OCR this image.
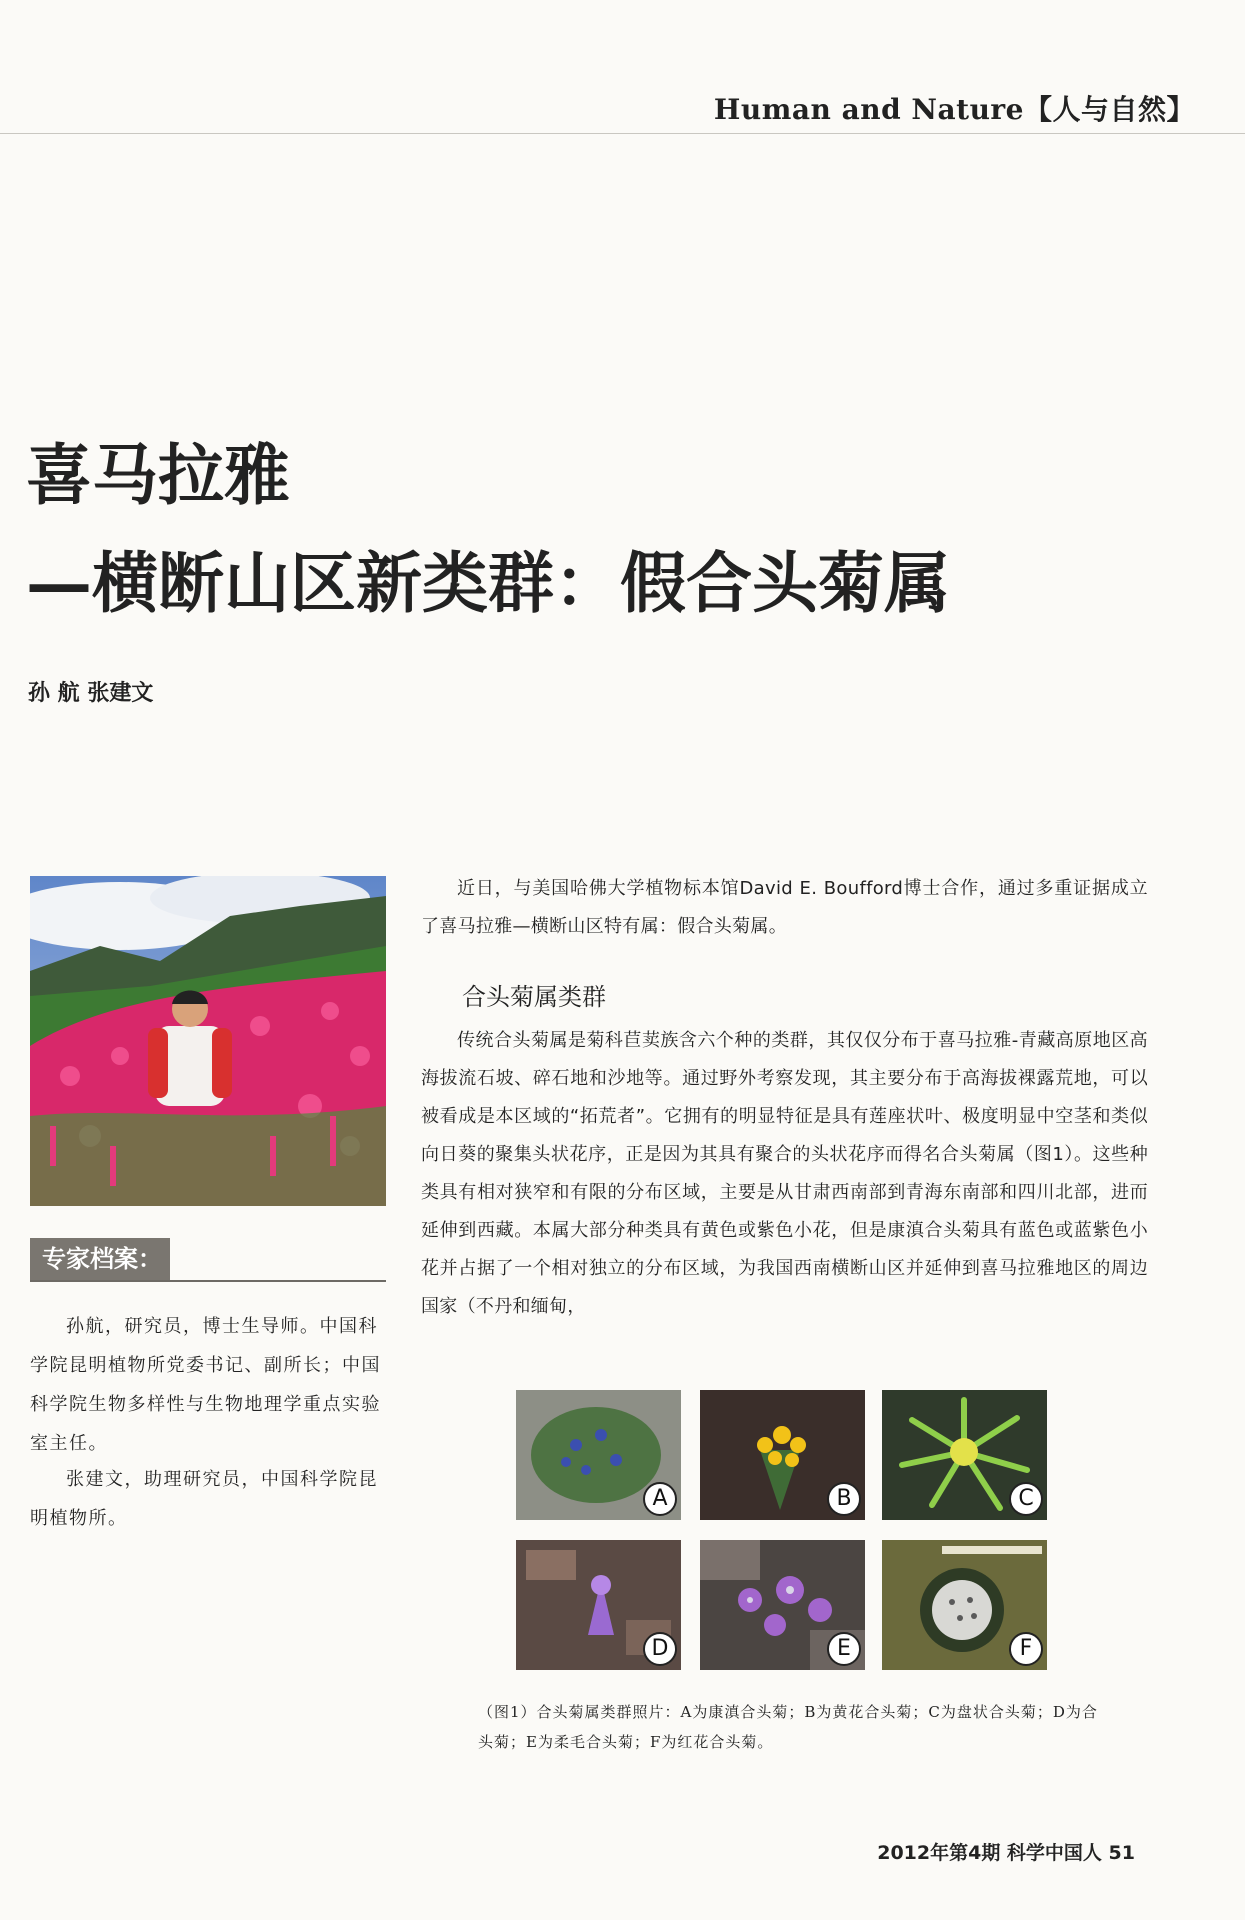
Human and Nature【人与自然】
喜马拉雅
—横断山区新类群：假合头菊属
孙 航 张建文
专家档案：

孙航，研究员，博士生导师。中国科学院昆明植物所党委书记、副所长；中国科学院生物多样性与生物地理学重点实验室主任。

张建文，助理研究员，中国科学院昆明植物所。

近日，与美国哈佛大学植物标本馆David E. Boufford博士合作，通过多重证据成立了喜马拉雅—横断山区特有属：假合头菊属。

合头菊属类群

传统合头菊属是菊科苣荬族含六个种的类群，其仅仅分布于喜马拉雅-青藏高原地区高海拔流石坡、碎石地和沙地等。通过野外考察发现，其主要分布于高海拔裸露荒地，可以被看成是本区域的“拓荒者”。它拥有的明显特征是具有莲座状叶、极度明显中空茎和类似向日葵的聚集头状花序，正是因为其具有聚合的头状花序而得名合头菊属（图1）。这些种类具有相对狭窄和有限的分布区域，主要是从甘肃西南部到青海东南部和四川北部，进而延伸到西藏。本属大部分种类具有黄色或紫色小花，但是康滇合头菊具有蓝色或蓝紫色小花并占据了一个相对独立的分布区域，为我国西南横断山区并延伸到喜马拉雅地区的周边国家（不丹和缅甸，

A	B	C
D	E	F
（图1）合头菊属类群照片：A为康滇合头菊；B为黄花合头菊；C为盘状合头菊；D为合头菊；E为柔毛合头菊；F为红花合头菊。
2012年第4期 科学中国人 51
